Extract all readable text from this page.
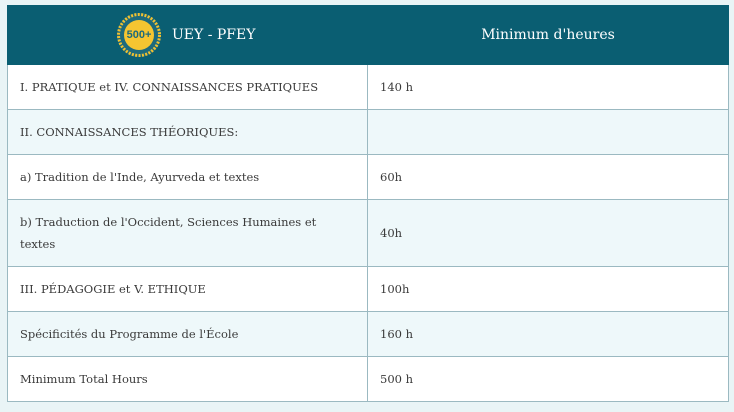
500+ UEY - PFEY	Minimum d'heures
I. PRATIQUE et IV. CONNAISSANCES PRATIQUES	140 h
II. CONNAISSANCES THÉORIQUES:	
a) Tradition de l'Inde, Ayurveda et textes	60h
b) Traduction de l'Occident, Sciences Humaines et textes	40h
III. PÉDAGOGIE et V. ETHIQUE	100h
Spécificités du Programme de l'École	160 h
Minimum Total Hours	500 h
